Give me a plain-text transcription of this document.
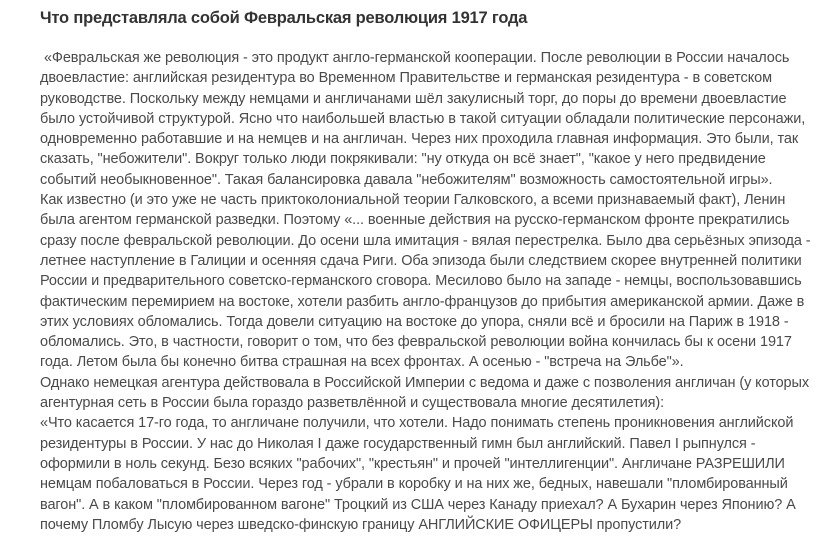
Что представляла собой Февральская революция 1917 года

«Февральская же революция - это продукт англо-германской кооперации. После революции в России началось двоевластие: английская резидентура во Временном Правительстве и германская резидентура - в советском руководстве. Поскольку между немцами и англичанами шёл закулисный торг, до поры до времени двоевластие было устойчивой структурой. Ясно что наибольшей властью в такой ситуации обладали политические персонажи, одновременно работавшие и на немцев и на англичан. Через них проходила главная информация. Это были, так сказать, "небожители". Вокруг только люди покрякивали: "ну откуда он всё знает", "какое у него предвидение событий необыкновенное". Такая балансировка давала "небожителям" возможность самостоятельной игры».

Как известно (и это уже не часть приктоколониальной теории Галковского, а всеми признаваемый факт), Ленин была агентом германской разведки. Поэтому «... военные действия на русско-германском фронте прекратились сразу после февральской революции. До осени шла имитация - вялая перестрелка. Было два серьёзных эпизода - летнее наступление в Галиции и осенняя сдача Риги. Оба эпизода были следствием скорее внутренней политики России и предварительного советско-германского сговора. Месилово было на западе - немцы, воспользовавшись фактическим перемирием на востоке, хотели разбить англо-французов до прибытия американской армии. Даже в этих условиях обломались. Тогда довели ситуацию на востоке до упора, сняли всё и бросили на Париж в 1918 - обломались. Это, в частности, говорит о том, что без февральской революции война кончилась бы к осени 1917 года. Летом была бы конечно битва страшная на всех фронтах. А осенью - "встреча на Эльбе"».

Однако немецкая агентура действовала в Российской Империи с ведома и даже с позволения англичан (у которых агентурная сеть в России была гораздо разветвлённой и существовала многие десятилетия):

«Что касается 17-го года, то англичане получили, что хотели. Надо понимать степень проникновения английской резидентуры в России. У нас до Николая I даже государственный гимн был английский. Павел I рыпнулся - оформили в ноль секунд. Безо всяких "рабочих", "крестьян" и прочей "интеллигенции". Англичане РАЗРЕШИЛИ немцам побаловаться в России. Через год - убрали в коробку и на них же, бедных, навешали "пломбированный вагон". А в каком "пломбированном вагоне" Троцкий из США через Канаду приехал? А Бухарин через Японию? А почему Пломбу Лысую через шведско-финскую границу АНГЛИЙСКИЕ ОФИЦЕРЫ пропустили?
